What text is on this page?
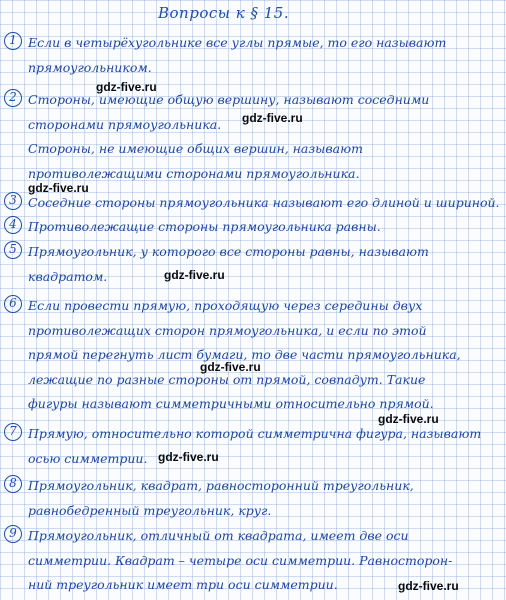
Вопросы к § 15.
1 Если в четырёхугольнике все углы прямые, то его называют
прямоугольником.
2 Стороны, имеющие общую вершину, называют соседними
сторонами прямоугольника.
Стороны, не имеющие общих вершин, называют
противолежащими сторонами прямоугольника.
3 Соседние стороны прямоугольника называют его длиной и шириной.
4 Противолежащие стороны прямоугольника равны.
5 Прямоугольник, у которого все стороны равны, называют
квадратом.
6 Если провести прямую, проходящую через середины двух
противолежащих сторон прямоугольника, и если по этой
прямой перегнуть лист бумаги, то две части прямоугольника,
лежащие по разные стороны от прямой, совпадут. Такие
фигуры называют симметричными относительно прямой.
7 Прямую, относительно которой симметрична фигура, называют
осью симметрии.
8 Прямоугольник, квадрат, равносторонний треугольник,
равнобедренный треугольник, круг.
9 Прямоугольник, отличный от квадрата, имеет две оси
симметрии. Квадрат – четыре оси симметрии. Равносторон-
ний треугольник имеет три оси симметрии.
gdz-five.ru
gdz-five.ru
gdz-five.ru
gdz-five.ru
gdz-five.ru
gdz-five.ru
gdz-five.ru
gdz-five.ru
